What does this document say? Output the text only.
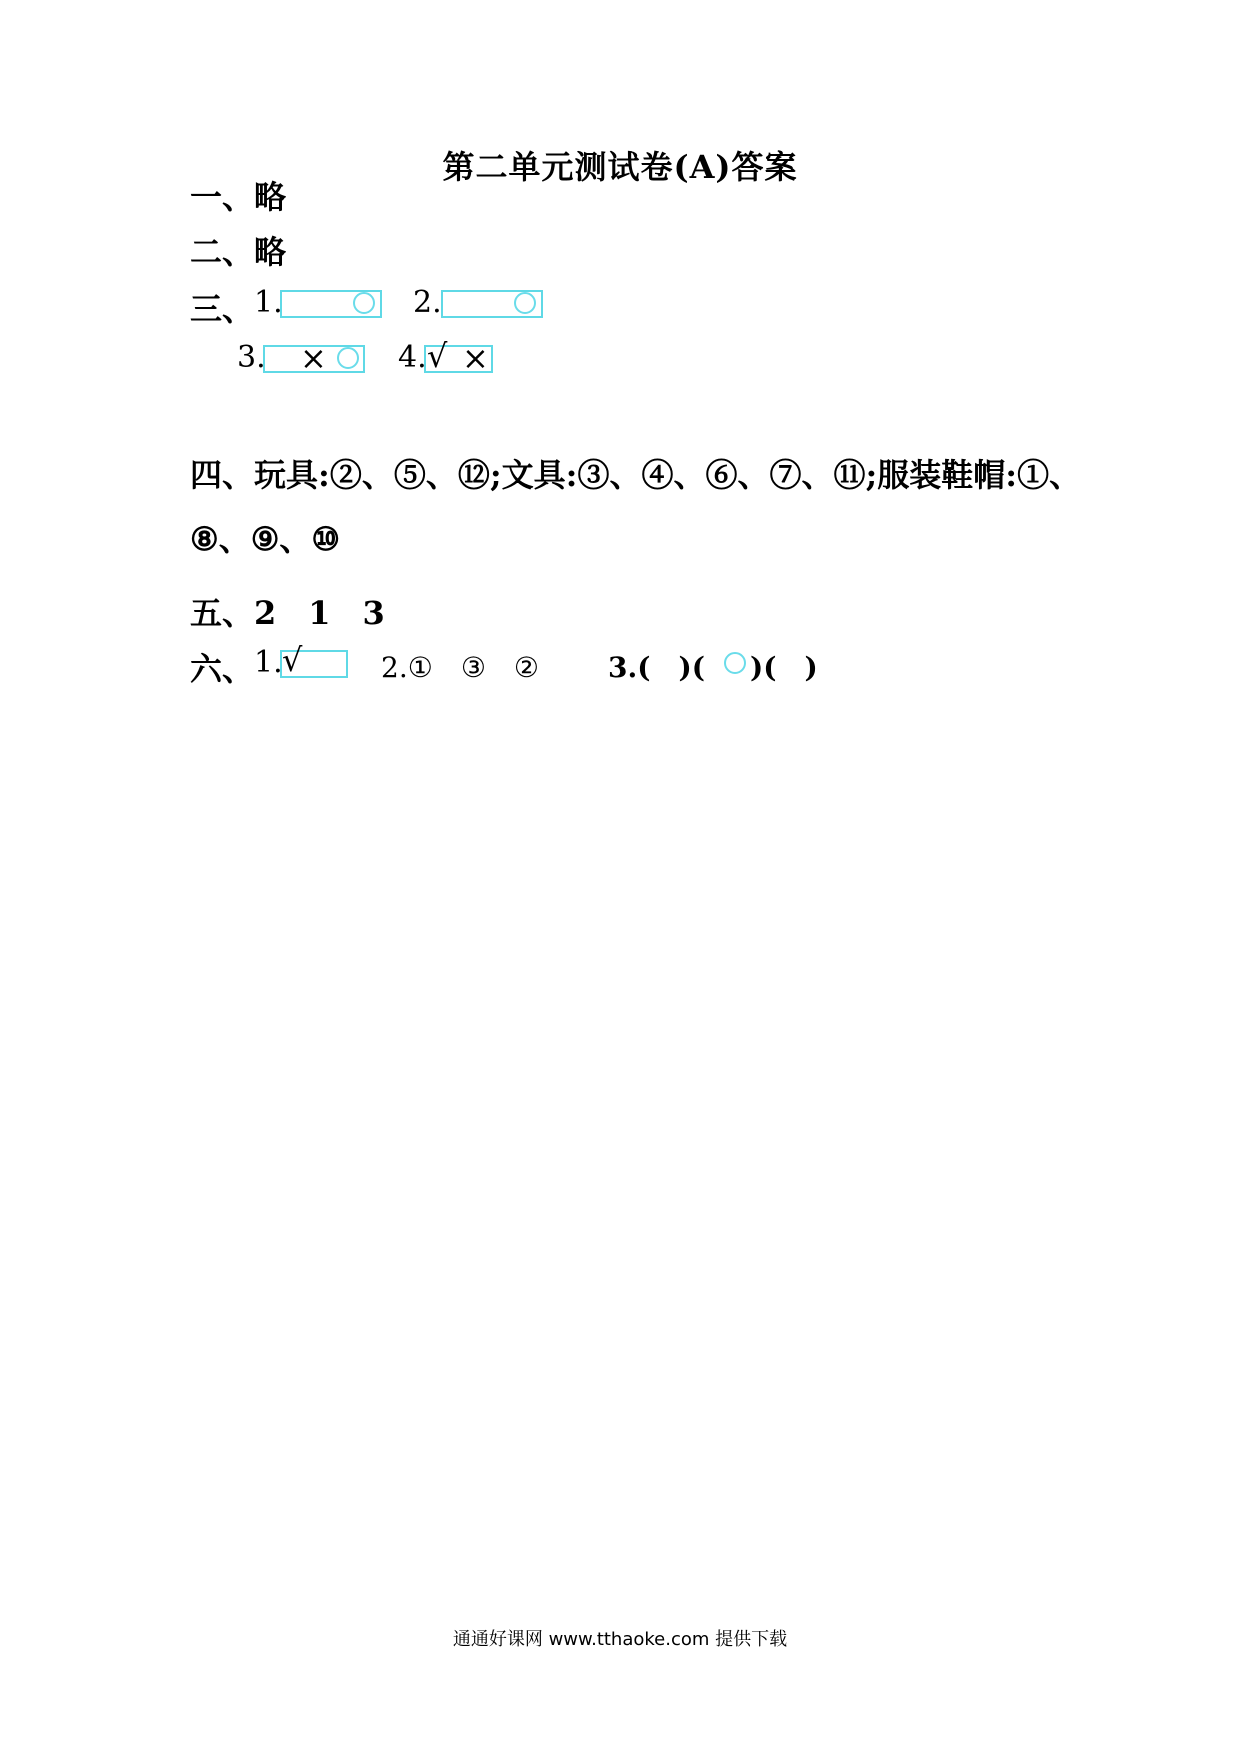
第二单元测试卷(A)答案
一、略
二、略
三、 1.	2.
3. × 4. √ ×
四、玩具:②、⑤、⑫;文具:③、④、⑥、⑦、⑪;服装鞋帽:①、
⑧、⑨、⑩
五、2　1　3
六、 1. √	2.①　③　② 3.(　)( )(　)
通通好课网 www.tthaoke.com 提供下载
